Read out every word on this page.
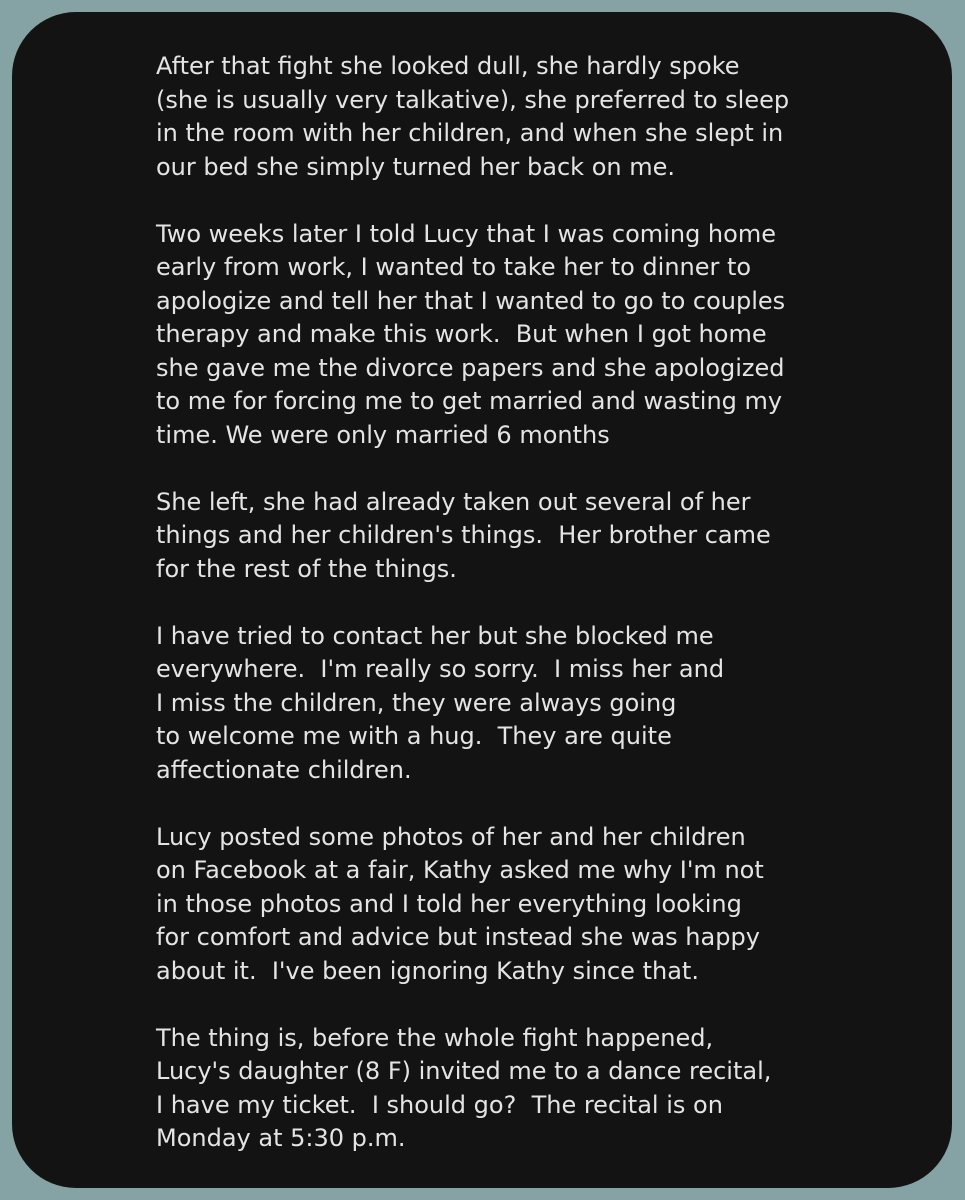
After that fight she looked dull, she hardly spoke
(she is usually very talkative), she preferred to sleep
in the room with her children, and when she slept in
our bed she simply turned her back on me.
Two weeks later I told Lucy that I was coming home
early from work, I wanted to take her to dinner to
apologize and tell her that I wanted to go to couples
therapy and make this work.  But when I got home
she gave me the divorce papers and she apologized
to me for forcing me to get married and wasting my
time. We were only married 6 months
She left, she had already taken out several of her
things and her children's things.  Her brother came
for the rest of the things.
I have tried to contact her but she blocked me
everywhere.  I'm really so sorry.  I miss her and
I miss the children, they were always going
to welcome me with a hug.  They are quite
affectionate children.
Lucy posted some photos of her and her children
on Facebook at a fair, Kathy asked me why I'm not
in those photos and I told her everything looking
for comfort and advice but instead she was happy
about it.  I've been ignoring Kathy since that.
The thing is, before the whole fight happened,
Lucy's daughter (8 F) invited me to a dance recital,
I have my ticket.  I should go?  The recital is on
Monday at 5:30 p.m.
